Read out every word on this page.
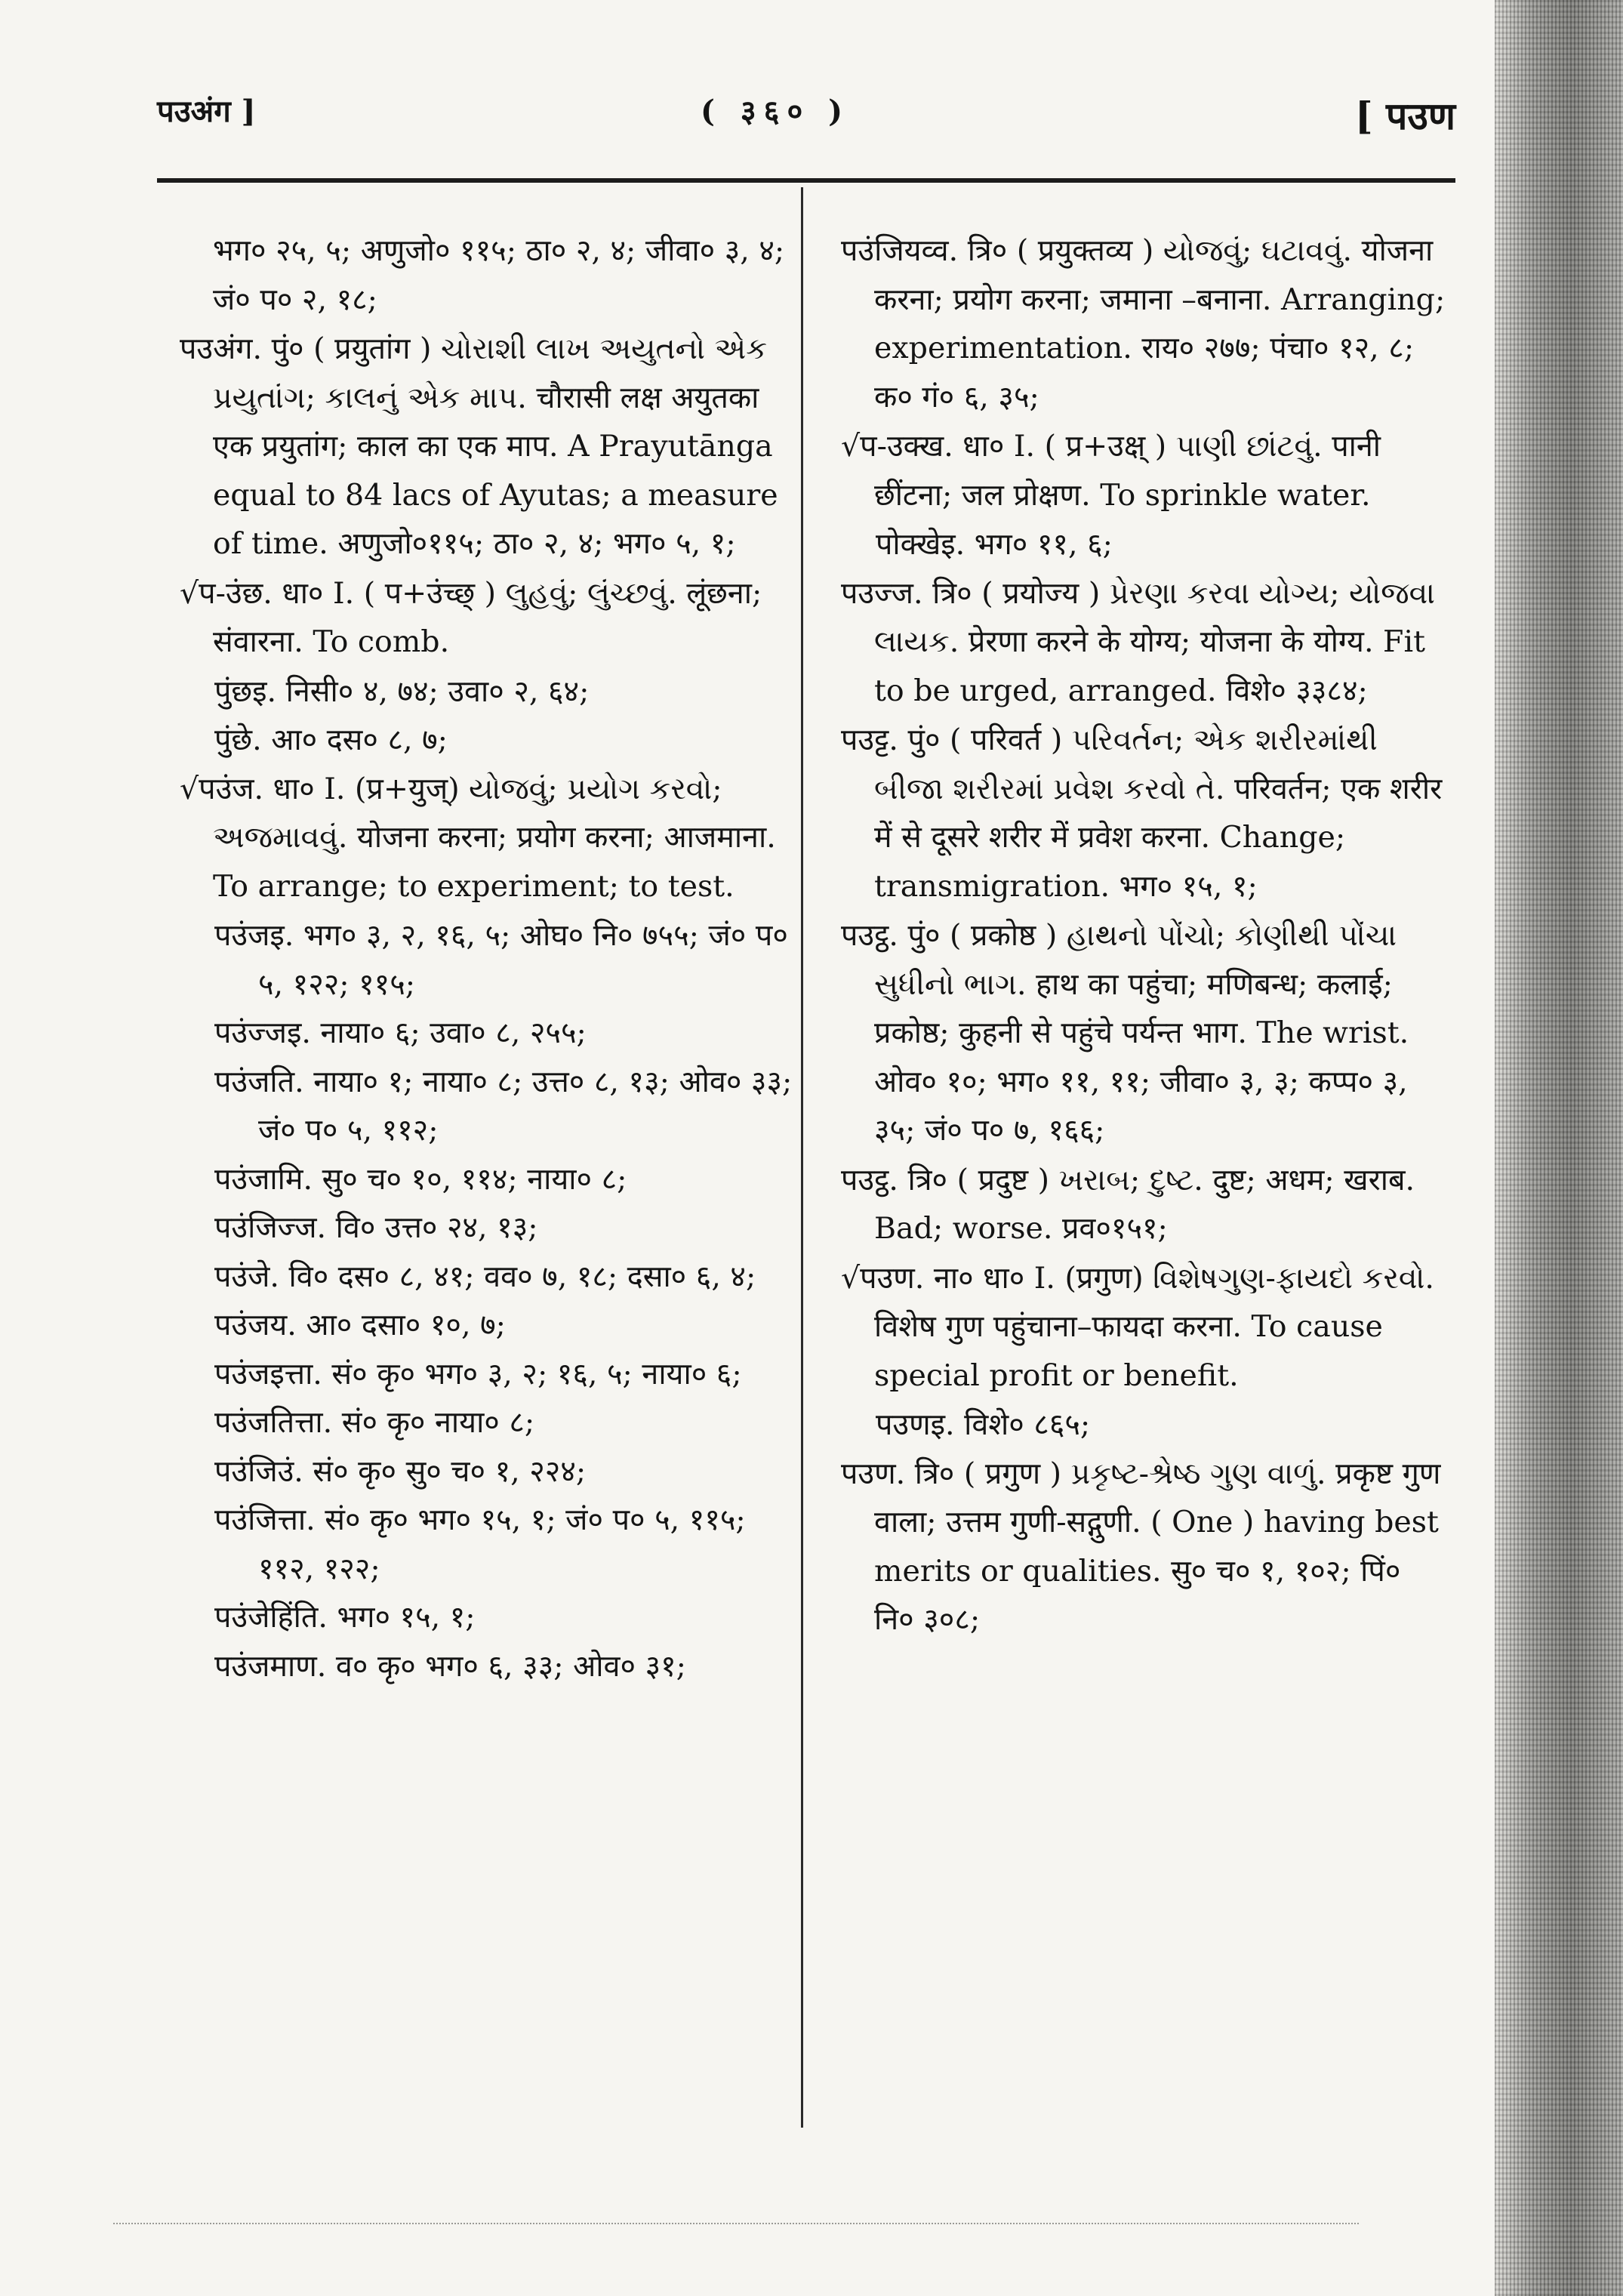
पउअंग ]	( ३६० )	[ पउण
भग० २५, ५; अणुजो० ११५; ठा० २, ४; जीवा० ३, ४; जं० प० २, १८;
पउअंग. पुं० ( प्रयुतांग ) ચોરાશી લાખ અયુતનો એક પ્રયુતાંગ; કાલનું એક માપ. चौरासी लक्ष अयुतका एक प्रयुतांग; काल का एक माप. A Prayutānga equal to 84 lacs of Ayutas; a measure of time. अणुजो०११५; ठा० २, ४; भग० ५, १;
√प-उंछ. धा० I. ( प+उंच्छ् ) લુહવું; લુંચ્છવું. लूंछना; संवारना. To comb.
पुंछइ. निसी० ४, ७४; उवा० २, ६४;
पुंछे. आ० दस० ८, ७;
√पउंज. धा० I. (प्र+युज्) યોજવું; પ્રયોગ કરવો; અજમાવવું. योजना करना; प्रयोग करना; आजमाना. To arrange; to experiment; to test.
पउंजइ. भग० ३, २, १६, ५; ओघ० नि० ७५५; जं० प० ५, १२२; ११५;
पउंज्जइ. नाया० ६; उवा० ८, २५५;
पउंजति. नाया० १; नाया० ८; उत्त० ८, १३; ओव० ३३; जं० प० ५, ११२;
पउंजामि. सु० च० १०, ११४; नाया० ८;
पउंजिज्ज. वि० उत्त० २४, १३;
पउंजे. वि० दस० ८, ४१; वव० ७, १८; दसा० ६, ४;
पउंजय. आ० दसा० १०, ७;
पउंजइत्ता. सं० कृ० भग० ३, २; १६, ५; नाया० ६;
पउंजतित्ता. सं० कृ० नाया० ८;
पउंजिउं. सं० कृ० सु० च० १, २२४;
पउंजित्ता. सं० कृ० भग० १५, १; जं० प० ५, ११५; ११२, १२२;
पउंजेहिंति. भग० १५, १;
पउंजमाण. व० कृ० भग० ६, ३३; ओव० ३१;
पउंजियव्व. त्रि० ( प्रयुक्तव्य ) યોજવું; ઘટાવવું. योजना करना; प्रयोग करना; जमाना –बनाना. Arranging; experimentation. राय० २७७; पंचा० १२, ८; क० गं० ६, ३५;
√प-उक्ख. धा० I. ( प्र+उक्ष् ) પાણી છાંટવું. पानी छींटना; जल प्रोक्षण. To sprinkle water.
पोक्खेइ. भग० ११, ६;
पउज्ज. त्रि० ( प्रयोज्य ) પ્રેરણા કરવા યોગ્ય; યોજવા લાયક. प्रेरणा करने के योग्य; योजना के योग्य. Fit to be urged, arranged. विशे० ३३८४;
पउट्ट. पुं० ( परिवर्त ) પરિવર્તન; એક શરીરમાંથી બીજા શરીરમાં પ્રવેશ કરવો તે. परिवर्तन; एक शरीर में से दूसरे शरीर में प्रवेश करना. Change; transmigration. भग० १५, १;
पउट्ठ. पुं० ( प्रकोष्ठ ) હાથનો પોંચો; કોણીથી પોંચા સુધીનો ભાગ. हाथ का पहुंचा; मणिबन्ध; कलाई; प्रकोष्ठ; कुहनी से पहुंचे पर्यन्त भाग. The wrist. ओव० १०; भग० ११, ११; जीवा० ३, ३; कप्प० ३, ३५; जं० प० ७, १६६;
पउट्ठ. त्रि० ( प्रदुष्ट ) ખરાબ; દુષ્ટ. दुष्ट; अधम; खराब. Bad; worse. प्रव०१५१;
√पउण. ना० धा० I. (प्रगुण) વિશેષગુણ-ફાયદો કરવો. विशेष गुण पहुंचाना–फायदा करना. To cause special profit or benefit.
पउणइ. विशे० ८६५;
पउण. त्रि० ( प्रगुण ) પ્રકૃષ્ટ-શ્રેષ્ઠ ગુણ વાળું. प्रकृष्ट गुण वाला; उत्तम गुणी-सद्गुणी. ( One ) having best merits or qualities. सु० च० १, १०२; पिं० नि० ३०८;
